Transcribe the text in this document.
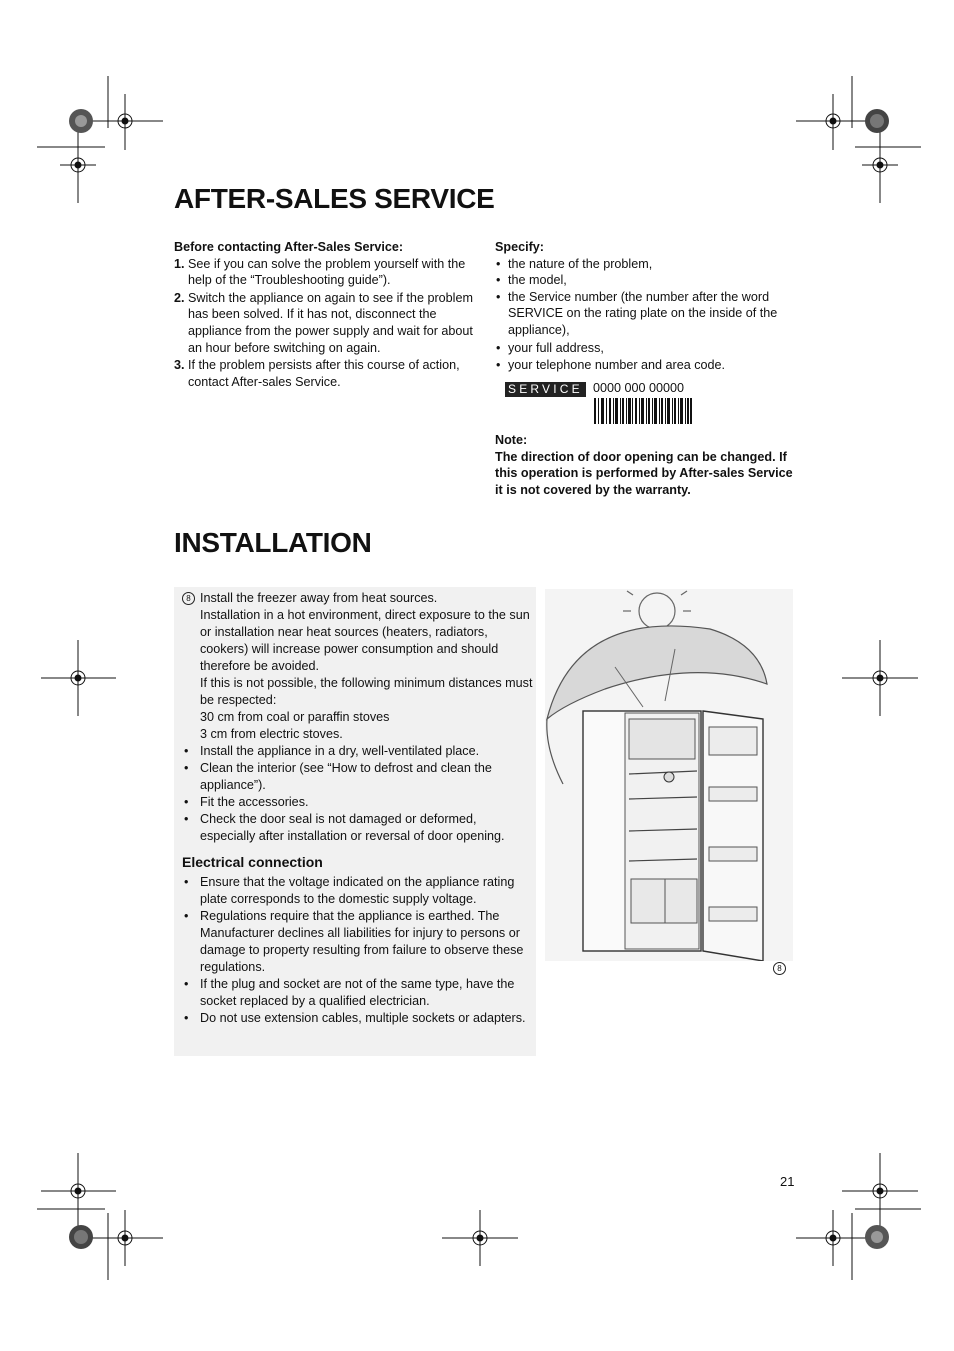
AFTER-SALES SERVICE
Before contacting After-Sales Service:
1. See if you can solve the problem yourself with the help of the “Troubleshooting guide”).
2. Switch the appliance on again to see if the problem has been solved. If it has not, disconnect the appliance from the power supply and wait for about an hour before switching on again.
3. If the problem persists after this course of action, contact After-sales Service.
Specify:
• the nature of the problem,
• the model,
• the Service number (the number after the word SERVICE on the rating plate on the inside of the appliance),
• your full address,
• your telephone number and area code.
SERVICE 0000 000 00000
Note:
The direction of door opening can be changed. If this operation is performed by After-sales Service it is not covered by the warranty.
INSTALLATION
8 Install the freezer away from heat sources.
Installation in a hot environment, direct exposure to the sun or installation near heat sources (heaters, radiators, cookers) will increase power consumption and should therefore be avoided.
If this is not possible, the following minimum distances must be respected:
30 cm from coal or paraffin stoves
3 cm from electric stoves.
• Install the appliance in a dry, well-ventilated place.
• Clean the interior (see “How to defrost and clean the appliance”).
• Fit the accessories.
• Check the door seal is not damaged or deformed, especially after installation or reversal of door opening.
Electrical connection
• Ensure that the voltage indicated on the appliance rating plate corresponds to the domestic supply voltage.
• Regulations require that the appliance is earthed. The Manufacturer declines all liabilities for injury to persons or damage to property resulting from failure to observe these regulations.
• If the plug and socket are not of the same type, have the socket replaced by a qualified electrician.
• Do not use extension cables, multiple sockets or adapters.
8
21
